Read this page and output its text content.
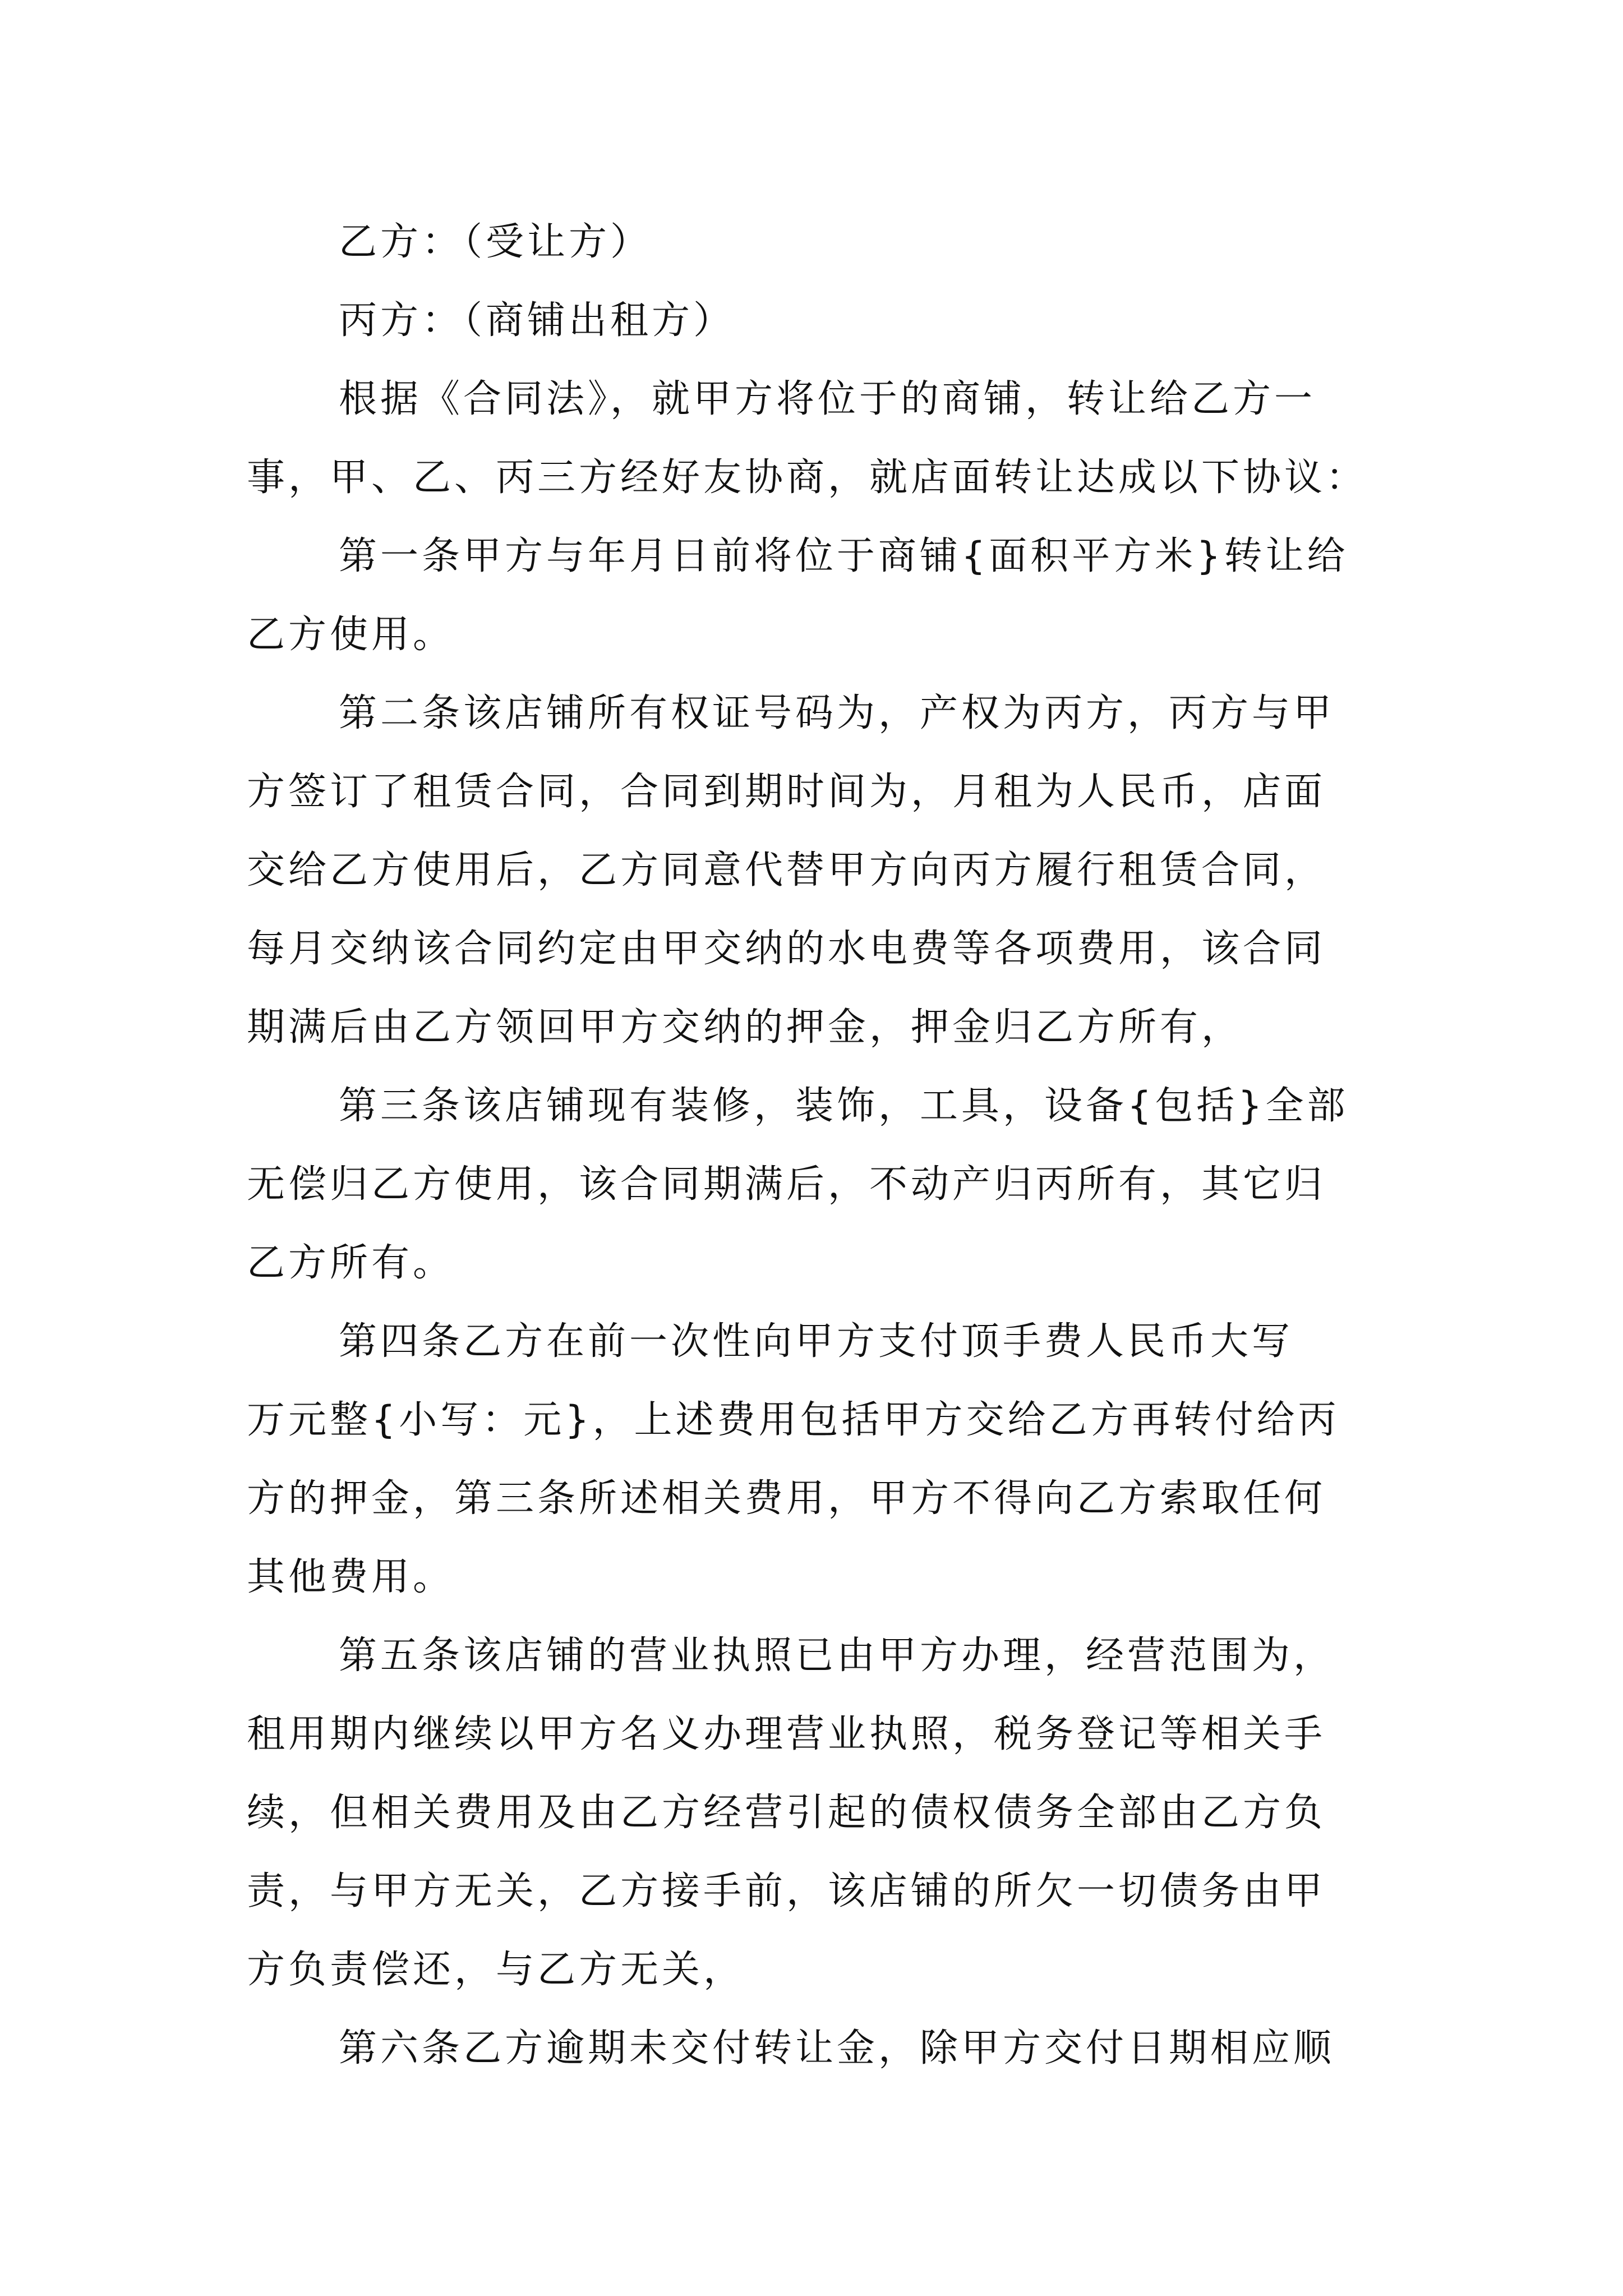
乙方：（受让方）
丙方：（商铺出租方）
根据《合同法》，就甲方将位于的商铺，转让给乙方一
事，甲、乙、丙三方经好友协商，就店面转让达成以下协议：
第一条甲方与年月日前将位于商铺{面积平方米}转让给
乙方使用。
第二条该店铺所有权证号码为，产权为丙方，丙方与甲
方签订了租赁合同，合同到期时间为，月租为人民币，店面
交给乙方使用后，乙方同意代替甲方向丙方履行租赁合同，
每月交纳该合同约定由甲交纳的水电费等各项费用，该合同
期满后由乙方领回甲方交纳的押金，押金归乙方所有，
第三条该店铺现有装修，装饰，工具，设备{包括}全部
无偿归乙方使用，该合同期满后，不动产归丙所有，其它归
乙方所有。
第四条乙方在前一次性向甲方支付顶手费人民币大写
万元整{小写：元}，上述费用包括甲方交给乙方再转付给丙
方的押金，第三条所述相关费用，甲方不得向乙方索取任何
其他费用。
第五条该店铺的营业执照已由甲方办理，经营范围为，
租用期内继续以甲方名义办理营业执照，税务登记等相关手
续，但相关费用及由乙方经营引起的债权债务全部由乙方负
责，与甲方无关，乙方接手前，该店铺的所欠一切债务由甲
方负责偿还，与乙方无关，
第六条乙方逾期未交付转让金，除甲方交付日期相应顺
